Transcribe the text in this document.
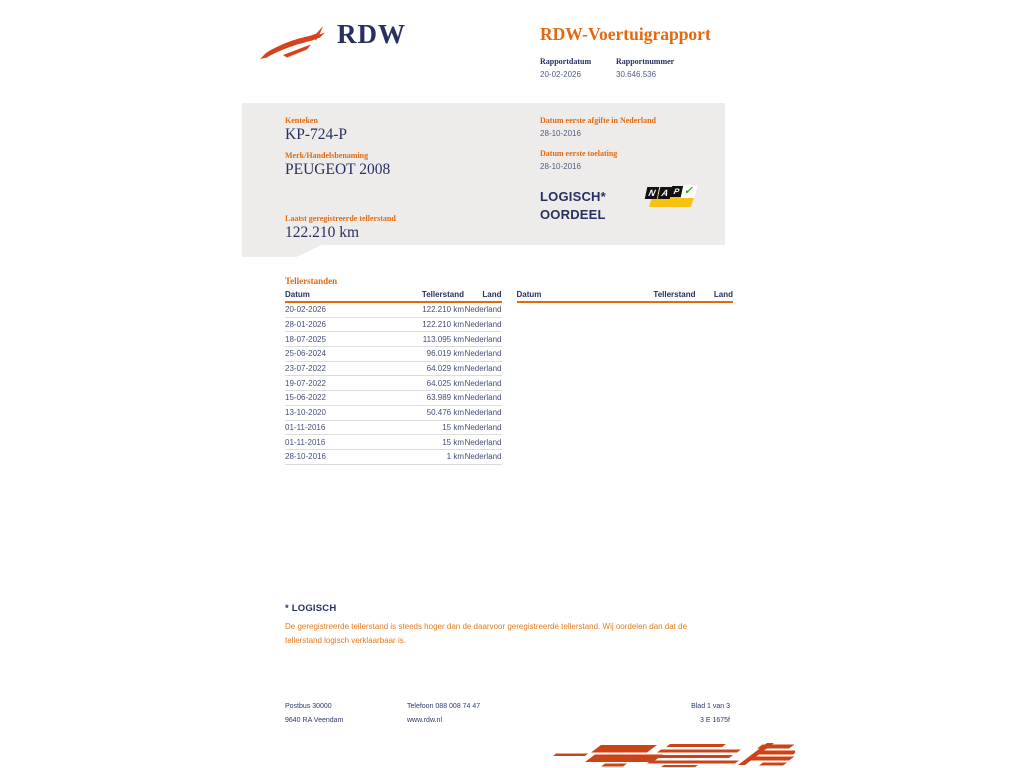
RDW	RDW-Voertuigrapport
Rapportdatum
20-02-2026
Rapportnummer
30.646.536
Kenteken
KP-724-P
Merk/Handelsbenaming
PEUGEOT 2008
Laatst geregistreerde tellerstand
122.210 km
Datum eerste afgifte in Nederland
28-10-2016
Datum eerste toelating
28-10-2016
LOGISCH*
OORDEEL
N A P ✓
Tellerstanden
Datum	Tellerstand	Land
20-02-2026	122.210 km Nederland
28-01-2026	122.210 km Nederland
18-07-2025	113.095 km Nederland
25-06-2024	96.019 km Nederland
23-07-2022	64.029 km Nederland
19-07-2022	64.025 km Nederland
15-06-2022	63.989 km Nederland
13-10-2020	50.476 km Nederland
01-11-2016	15 km Nederland
01-11-2016	15 km Nederland
28-10-2016	1 km Nederland
Datum	Tellerstand	Land
* LOGISCH
De geregistreerde tellerstand is steeds hoger dan de daarvoor geregistreerde tellerstand. Wij oordelen dan dat de
tellerstand logisch verklaarbaar is.
Postbus 30000
9640 RA Veendam
Telefoon 088 008 74 47
www.rdw.nl
Blad 1 van 3
3 E 1675f
